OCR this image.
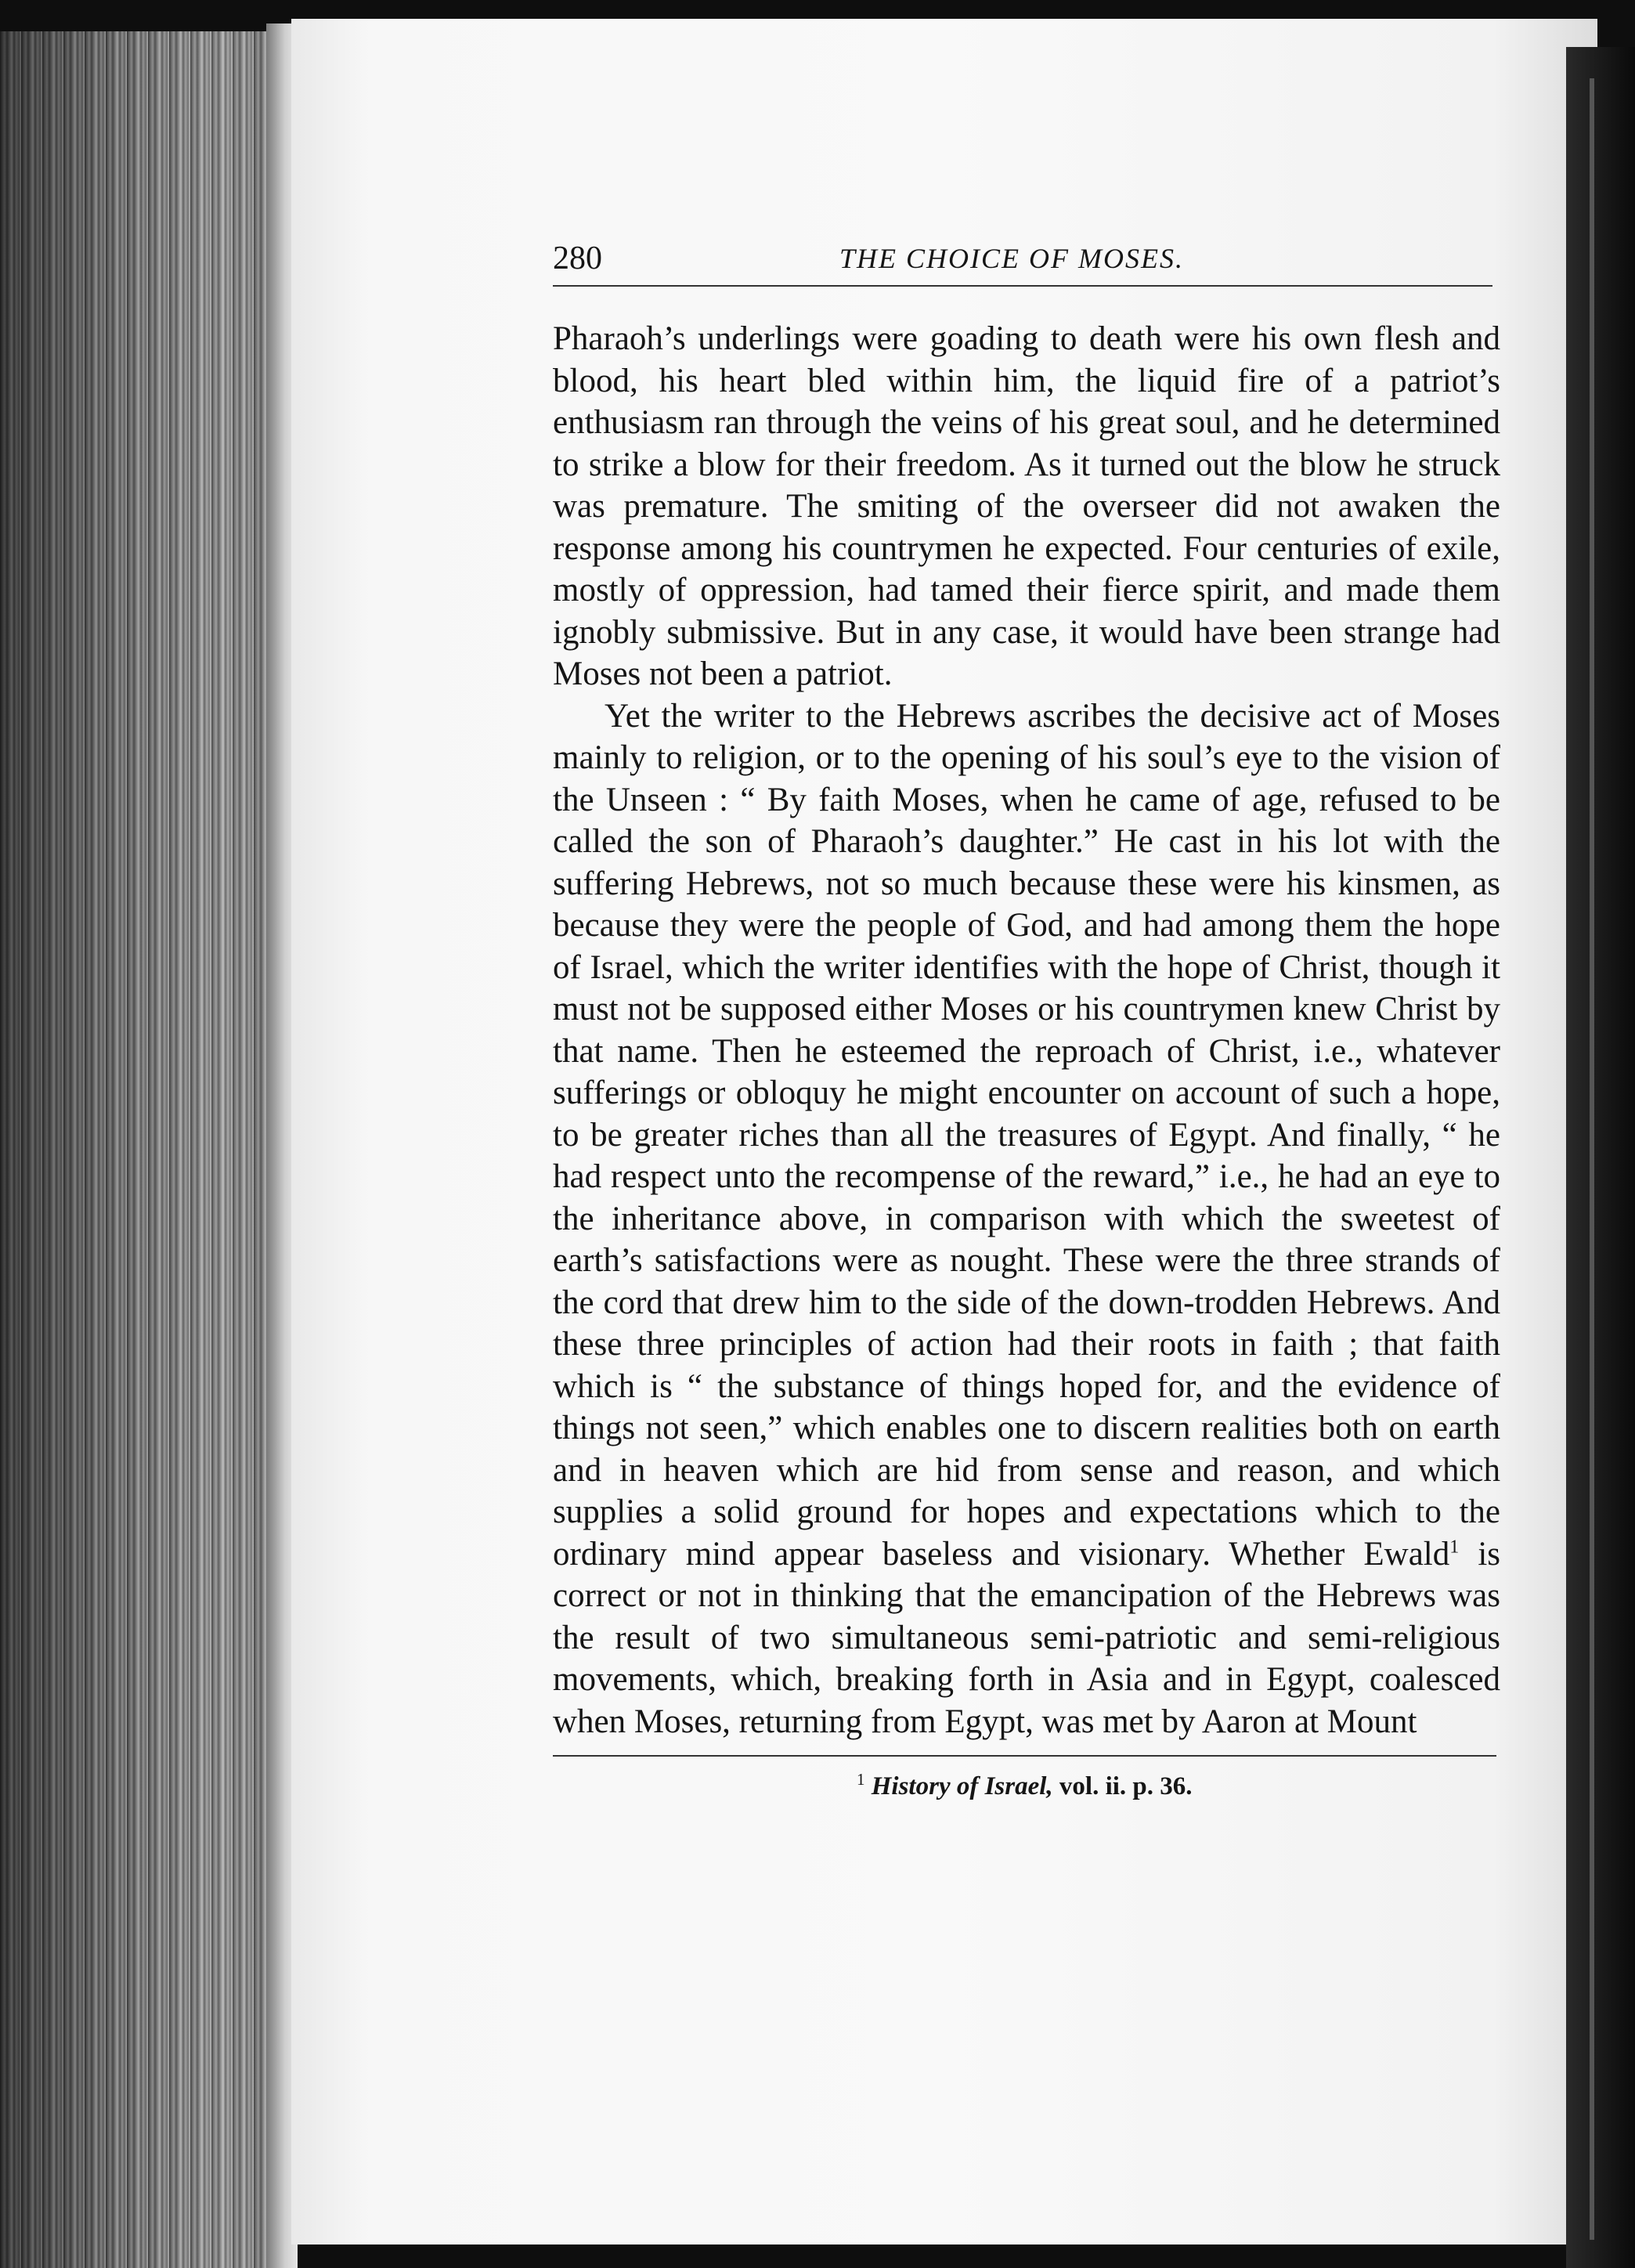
280	THE CHOICE OF MOSES.

Pharaoh’s underlings were goading to death were his own flesh and blood, his heart bled within him, the liquid fire of a patriot’s enthusiasm ran through the veins of his great soul, and he determined to strike a blow for their freedom. As it turned out the blow he struck was premature. The smiting of the overseer did not awaken the response among his countrymen he expected. Four centuries of exile, mostly of oppression, had tamed their fierce spirit, and made them ignobly submissive. But in any case, it would have been strange had Moses not been a patriot.

Yet the writer to the Hebrews ascribes the decisive act of Moses mainly to religion, or to the opening of his soul’s eye to the vision of the Unseen : “ By faith Moses, when he came of age, refused to be called the son of Pharaoh’s daughter.” He cast in his lot with the suffering Hebrews, not so much because these were his kinsmen, as because they were the people of God, and had among them the hope of Israel, which the writer identifies with the hope of Christ, though it must not be supposed either Moses or his countrymen knew Christ by that name. Then he esteemed the reproach of Christ, i.e., whatever sufferings or obloquy he might encounter on account of such a hope, to be greater riches than all the treasures of Egypt. And finally, “ he had respect unto the recompense of the reward,” i.e., he had an eye to the inheritance above, in comparison with which the sweetest of earth’s satisfactions were as nought. These were the three strands of the cord that drew him to the side of the down-trodden Hebrews. And these three principles of action had their roots in faith ; that faith which is “ the substance of things hoped for, and the evidence of things not seen,” which enables one to discern realities both on earth and in heaven which are hid from sense and reason, and which supplies a solid ground for hopes and expectations which to the ordinary mind appear baseless and visionary. Whether Ewald$^1$ is correct or not in thinking that the emancipation of the Hebrews was the result of two simultaneous semi-patriotic and semi-religious movements, which, breaking forth in Asia and in Egypt, coalesced when Moses, returning from Egypt, was met by Aaron at Mount

$^1$ History of Israel, vol. ii. p. 36.
